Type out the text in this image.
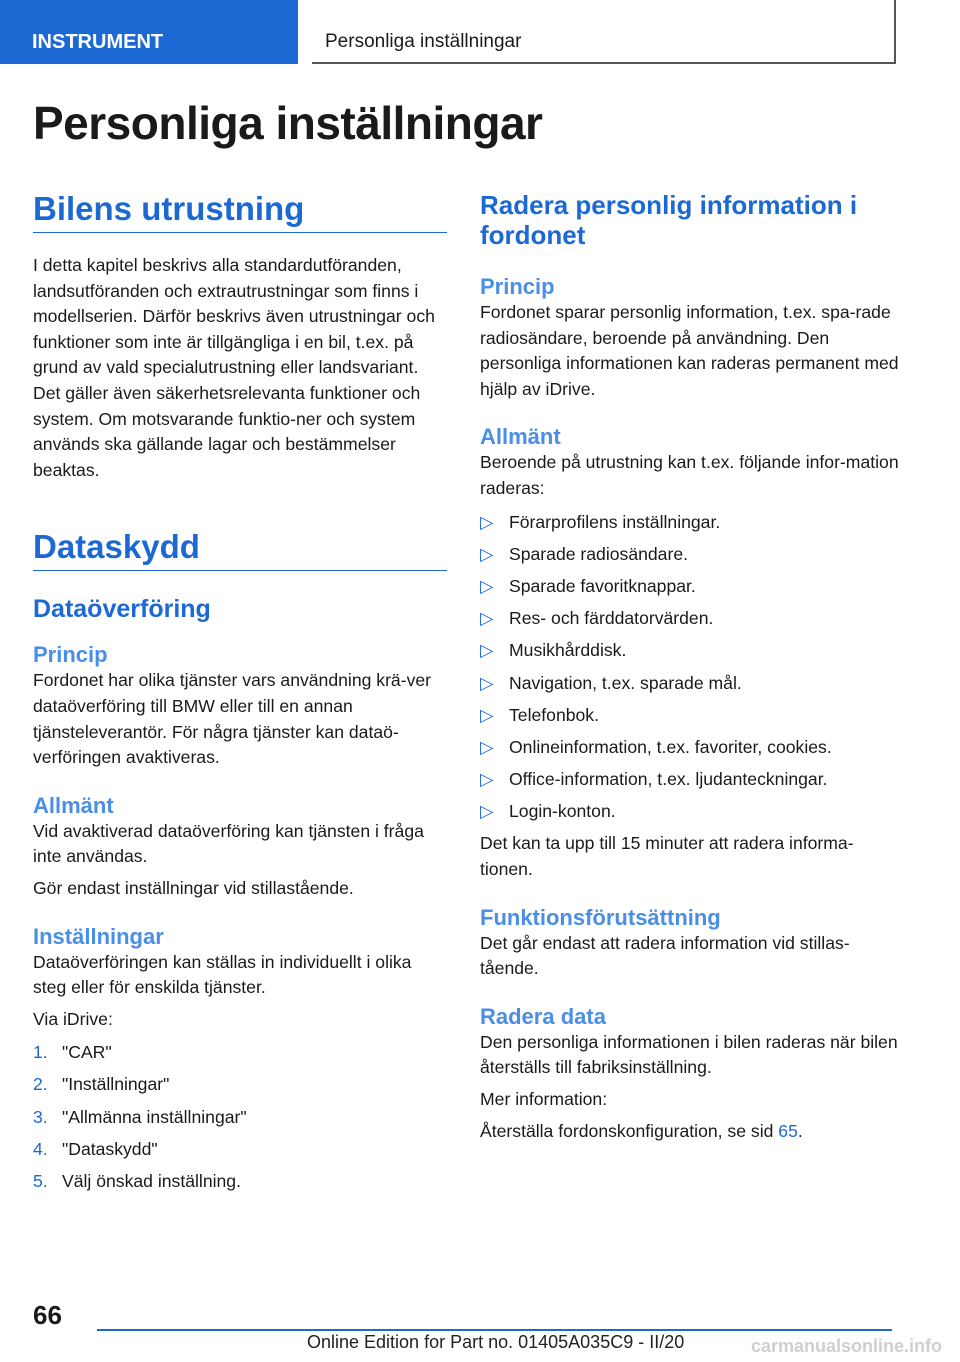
INSTRUMENT	Personliga inställningar
Personliga inställningar
Bilens utrustning

I detta kapitel beskrivs alla standardutföranden, landsutföranden och extrautrustningar som finns i modellserien. Därför beskrivs även utrustningar och funktioner som inte är tillgängliga i en bil, t.ex. på grund av vald specialutrustning eller landsvariant. Det gäller även säkerhetsrelevanta funktioner och system. Om motsvarande funktio-ner och system används ska gällande lagar och bestämmelser beaktas.

Dataskydd
Dataöverföring
Princip

Fordonet har olika tjänster vars användning krä-ver dataöverföring till BMW eller till en annan tjänsteleverantör. För några tjänster kan dataö-verföringen avaktiveras.

Allmänt

Vid avaktiverad dataöverföring kan tjänsten i fråga inte användas.

Gör endast inställningar vid stillastående.

Inställningar

Dataöverföringen kan ställas in individuellt i olika steg eller för enskilda tjänster.

Via iDrive:

1. "CAR"
2. "Inställningar"
3. "Allmänna inställningar"
4. "Dataskydd"
5. Välj önskad inställning.
Radera personlig information i fordonet
Princip

Fordonet sparar personlig information, t.ex. spa-rade radiosändare, beroende på användning. Den personliga informationen kan raderas permanent med hjälp av iDrive.

Allmänt

Beroende på utrustning kan t.ex. följande infor-mation raderas:

▷ Förarprofilens inställningar.
▷ Sparade radiosändare.
▷ Sparade favoritknappar.
▷ Res- och färddatorvärden.
▷ Musikhårddisk.
▷ Navigation, t.ex. sparade mål.
▷ Telefonbok.
▷ Onlineinformation, t.ex. favoriter, cookies.
▷ Office-information, t.ex. ljudanteckningar.
▷ Login-konton.

Det kan ta upp till 15 minuter att radera informa-tionen.

Funktionsförutsättning

Det går endast att radera information vid stillas-tående.

Radera data

Den personliga informationen i bilen raderas när bilen återställs till fabriksinställning.

Mer information:

Återställa fordonskonfiguration, se sid 65.

66
Online Edition for Part no. 01405A035C9 - II/20	carmanualsonline.info
